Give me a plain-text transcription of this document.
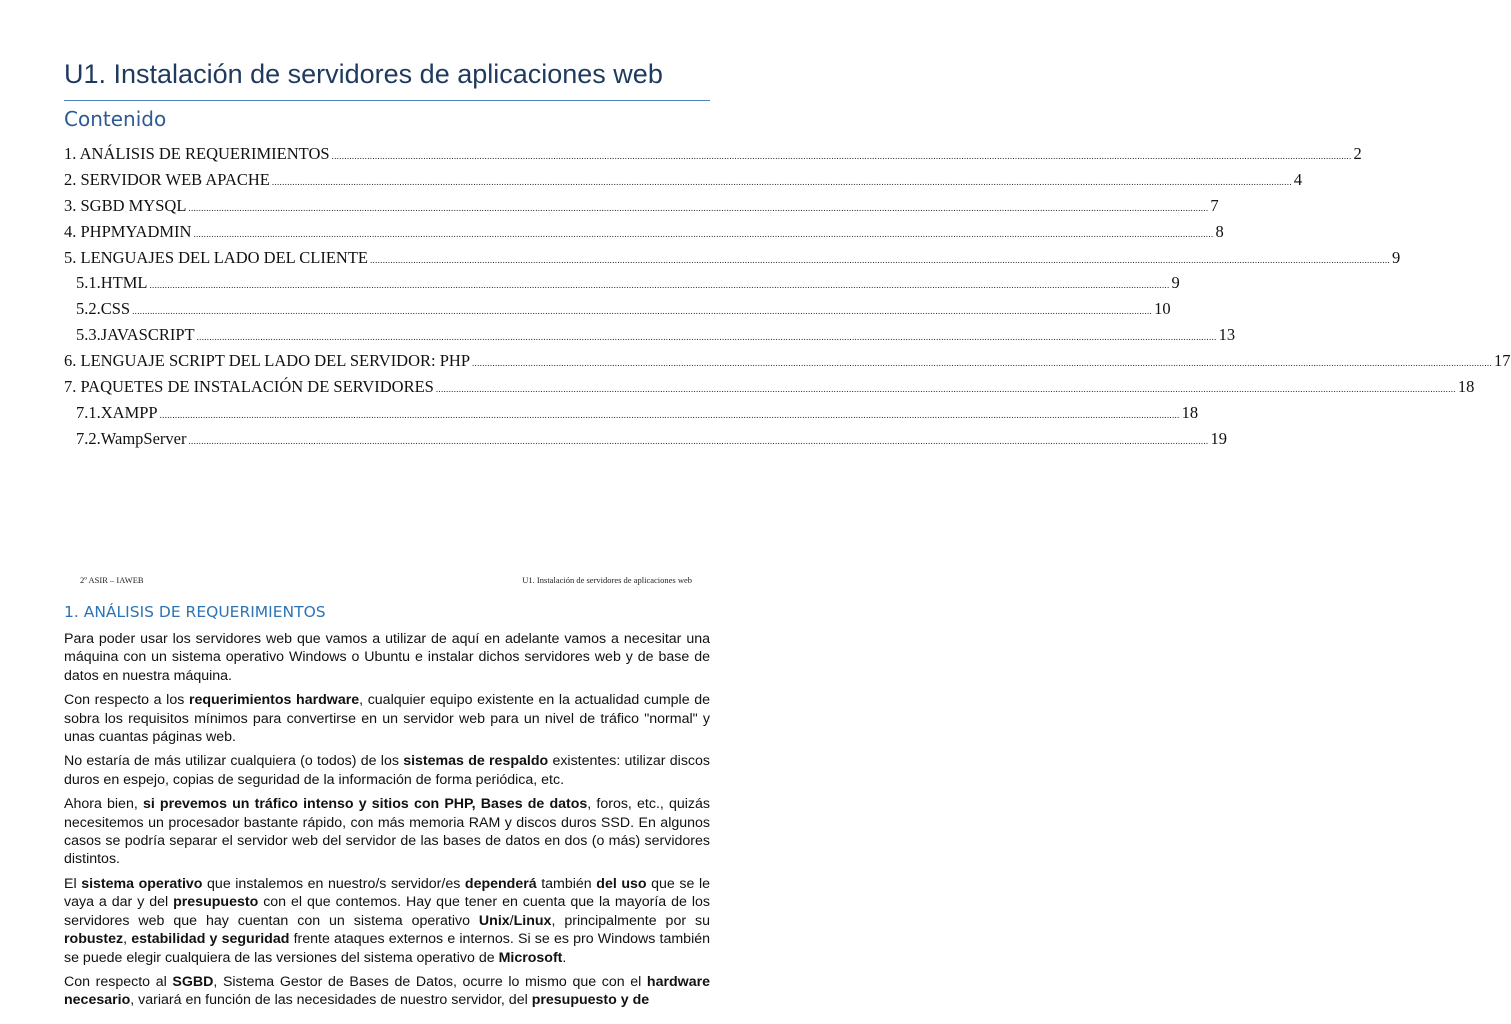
U1. Instalación de servidores de aplicaciones web
Contenido
1. ANÁLISIS DE REQUERIMIENTOS ................................................................................................................................................................................................................................................................................................................................................................................................................ 2
2. SERVIDOR WEB APACHE ................................................................................................................................................................................................................................................................................................................................................................................................................ 4
3. SGBD MYSQL ................................................................................................................................................................................................................................................................................................................................................................................................................ 7
4. PHPMYADMIN ................................................................................................................................................................................................................................................................................................................................................................................................................ 8
5. LENGUAJES DEL LADO DEL CLIENTE ................................................................................................................................................................................................................................................................................................................................................................................................................ 9
5.1.HTML ................................................................................................................................................................................................................................................................................................................................................................................................................ 9
5.2.CSS ................................................................................................................................................................................................................................................................................................................................................................................................................ 10
5.3.JAVASCRIPT ................................................................................................................................................................................................................................................................................................................................................................................................................ 13
6. LENGUAJE SCRIPT DEL LADO DEL SERVIDOR: PHP ................................................................................................................................................................................................................................................................................................................................................................................................................ 17
7. PAQUETES DE INSTALACIÓN DE SERVIDORES ................................................................................................................................................................................................................................................................................................................................................................................................................ 18
7.1.XAMPP ................................................................................................................................................................................................................................................................................................................................................................................................................ 18
7.2.WampServer ................................................................................................................................................................................................................................................................................................................................................................................................................ 19
2º ASIR – IAWEB	U1. Instalación de servidores de aplicaciones web
1. ANÁLISIS DE REQUERIMIENTOS

Para poder usar los servidores web que vamos a utilizar de aquí en adelante vamos a necesitar una máquina con un sistema operativo Windows o Ubuntu e instalar dichos servidores web y de base de datos en nuestra máquina.

Con respecto a los requerimientos hardware, cualquier equipo existente en la actualidad cumple de sobra los requisitos mínimos para convertirse en un servidor web para un nivel de tráfico "normal" y unas cuantas páginas web.

No estaría de más utilizar cualquiera (o todos) de los sistemas de respaldo existentes: utilizar discos duros en espejo, copias de seguridad de la información de forma periódica, etc.

Ahora bien, si prevemos un tráfico intenso y sitios con PHP, Bases de datos, foros, etc., quizás necesitemos un procesador bastante rápido, con más memoria RAM y discos duros SSD. En algunos casos se podría separar el servidor web del servidor de las bases de datos en dos (o más) servidores distintos.

El sistema operativo que instalemos en nuestro/s servidor/es dependerá también del uso que se le vaya a dar y del presupuesto con el que contemos. Hay que tener en cuenta que la mayoría de los servidores web que hay cuentan con un sistema operativo Unix/Linux, principalmente por su robustez, estabilidad y seguridad frente ataques externos e internos. Si se es pro Windows también se puede elegir cualquiera de las versiones del sistema operativo de Microsoft.

Con respecto al SGBD, Sistema Gestor de Bases de Datos, ocurre lo mismo que con el hardware necesario, variará en función de las necesidades de nuestro servidor, del presupuesto y de
